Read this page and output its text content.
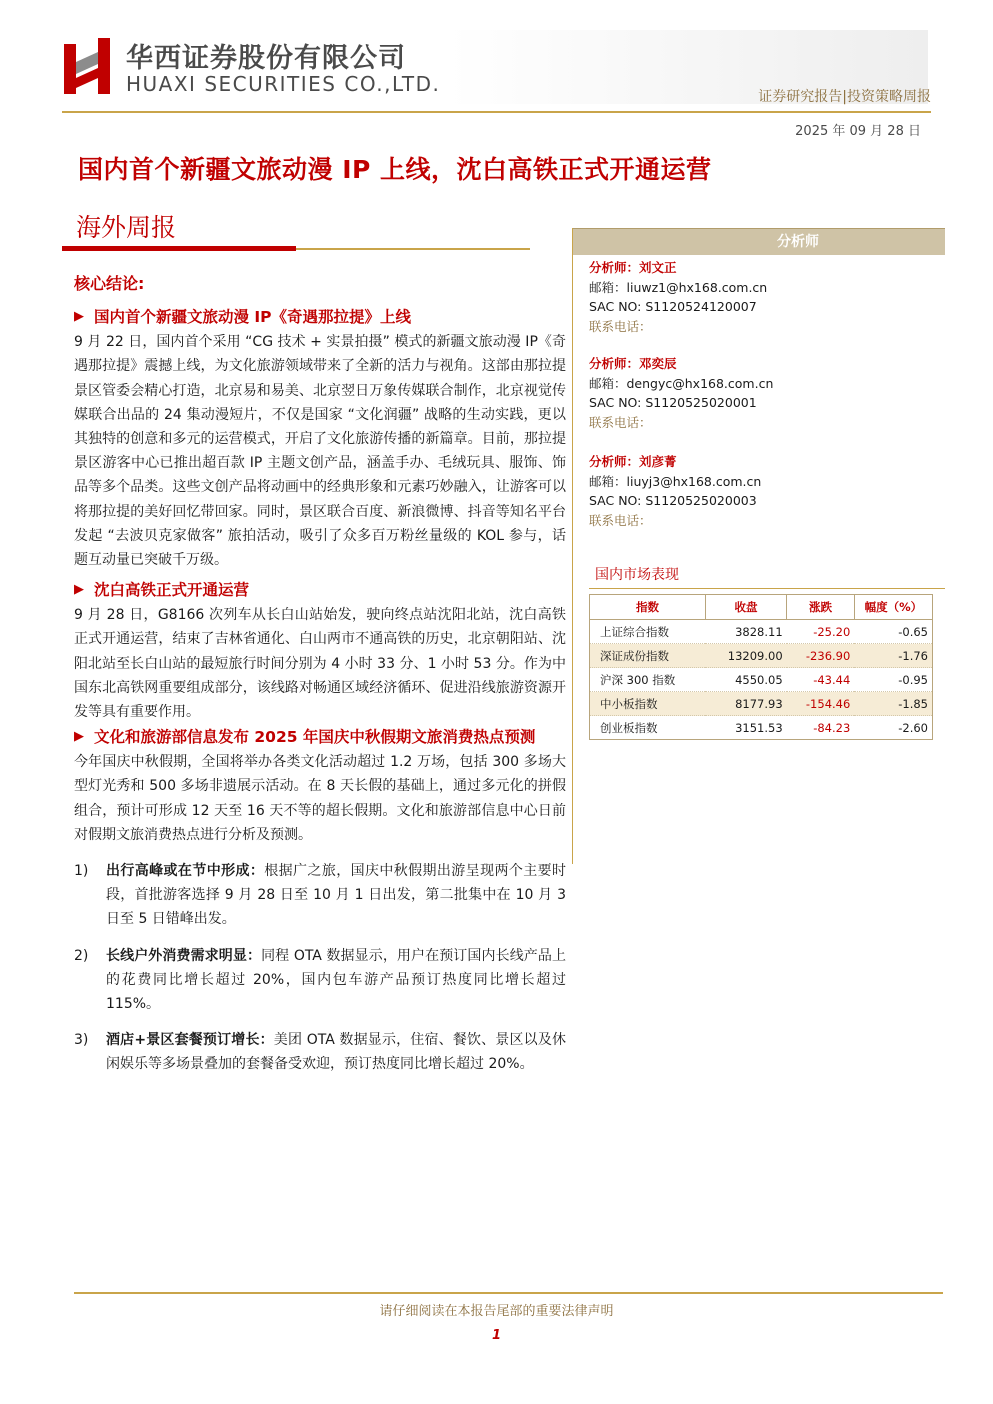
华西证券股份有限公司
HUAXI SECURITIES CO.,LTD.
证券研究报告|投资策略周报
2025 年 09 月 28 日
国内首个新疆文旅动漫 IP 上线，沈白高铁正式开通运营
海外周报
核心结论:
▶ 国内首个新疆文旅动漫 IP《奇遇那拉提》上线

9 月 22 日，国内首个采用 “CG 技术 + 实景拍摄” 模式的新疆文旅动漫 IP《奇遇那拉提》震撼上线，为文化旅游领域带来了全新的活力与视角。这部由那拉提景区管委会精心打造，北京易和易美、北京翌日万象传媒联合制作，北京视觉传媒联合出品的 24 集动漫短片，不仅是国家 “文化润疆” 战略的生动实践，更以其独特的创意和多元的运营模式，开启了文化旅游传播的新篇章。目前，那拉提景区游客中心已推出超百款 IP 主题文创产品，涵盖手办、毛绒玩具、服饰、饰品等多个品类。这些文创产品将动画中的经典形象和元素巧妙融入，让游客可以将那拉提的美好回忆带回家。同时，景区联合百度、新浪微博、抖音等知名平台发起 “去波贝克家做客” 旅拍活动，吸引了众多百万粉丝量级的 KOL 参与，话题互动量已突破千万级。

▶ 沈白高铁正式开通运营

9 月 28 日，G8166 次列车从长白山站始发，驶向终点站沈阳北站，沈白高铁正式开通运营，结束了吉林省通化、白山两市不通高铁的历史，北京朝阳站、沈阳北站至长白山站的最短旅行时间分别为 4 小时 33 分、1 小时 53 分。作为中国东北高铁网重要组成部分，该线路对畅通区域经济循环、促进沿线旅游资源开发等具有重要作用。

▶ 文化和旅游部信息发布 2025 年国庆中秋假期文旅消费热点预测

今年国庆中秋假期，全国将举办各类文化活动超过 1.2 万场，包括 300 多场大型灯光秀和 500 多场非遗展示活动。在 8 天长假的基础上，通过多元化的拼假组合，预计可形成 12 天至 16 天不等的超长假期。文化和旅游部信息中心日前对假期文旅消费热点进行分析及预测。

1)	出行高峰或在节中形成：根据广之旅，国庆中秋假期出游呈现两个主要时段，首批游客选择 9 月 28 日至 10 月 1 日出发，第二批集中在 10 月 3 日至 5 日错峰出发。
2)	长线户外消费需求明显：同程 OTA 数据显示，用户在预订国内长线产品上的花费同比增长超过 20%，国内包车游产品预订热度同比增长超过 115%。
3)	酒店+景区套餐预订增长：美团 OTA 数据显示，住宿、餐饮、景区以及休闲娱乐等多场景叠加的套餐备受欢迎，预订热度同比增长超过 20%。
分析师
分析师：刘文正
邮箱：liuwz1@hx168.com.cn
SAC NO: S1120524120007
联系电话：
分析师：邓奕辰
邮箱：dengyc@hx168.com.cn
SAC NO: S1120525020001
联系电话：
分析师：刘彦菁
邮箱：liuyj3@hx168.com.cn
SAC NO: S1120525020003
联系电话：
国内市场表现
指数	收盘	涨跌	幅度（%）
上证综合指数	3828.11	-25.20	-0.65
深证成份指数	13209.00	-236.90	-1.76
沪深 300 指数	4550.05	-43.44	-0.95
中小板指数	8177.93	-154.46	-1.85
创业板指数	3151.53	-84.23	-2.60
请仔细阅读在本报告尾部的重要法律声明
1
